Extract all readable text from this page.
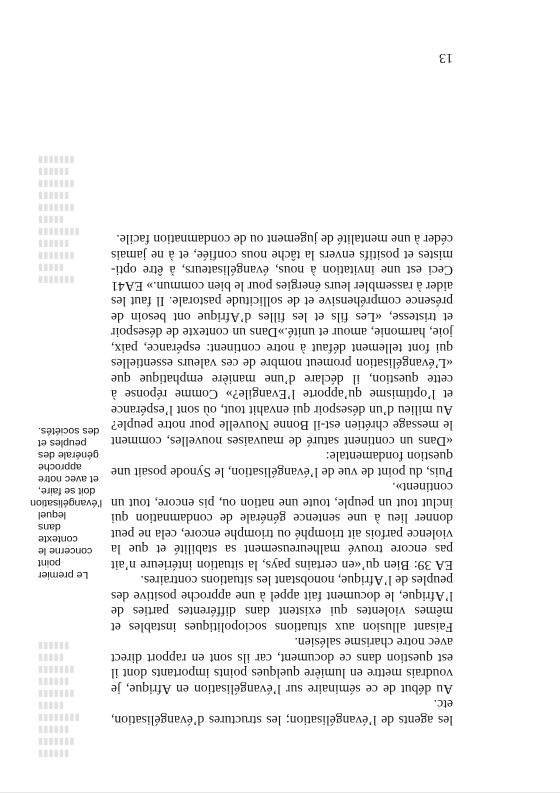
▮▮▮▮▮▮
▮▮▮▮▮▮▮
▮▮▮▮▮▮
▮▮▮▮▮▮▮▮
▮▮▮▮▮
▮▮▮▮▮▮▮
▮▮▮▮▮▮
▮▮▮▮▮▮▮
▮▮▮▮▮
▮▮▮▮▮▮

les agents de l’évangélisation; les structures d’évangélisation, etc.

Au début de ce séminaire sur l’évangélisation en Afrique, je voudrais mettre en lumière quelques points importants dont il est question dans ce document, car ils sont en rapport direct avec notre charisme salésien.

Faisant allusion aux situations sociopolitiques instables et mêmes violentes qui existent dans différentes parties de l’Afrique, le document fait appel à une approche positive des peuples de l’Afrique, nonobstant les situations contraires.

EA 39: Bien qu’«en certains pays, la situation intérieure n’ait pas encore trouvé malheureusement sa stabilité et que la violence parfois ait triomphé ou triomphe encore, cela ne peut donner lieu à une sentence générale de condamnation qui inclut tout un peuple, toute une nation ou, pis encore, tout un continent».

Puis, du point de vue de l’évangélisation, le Synode posait une question fondamentale:

«Dans un continent saturé de mauvaises nouvelles, comment le message chrétien est-il Bonne Nouvelle pour notre peuple? Au milieu d’un désespoir qui envahit tout, où sont l’espérance et l’optimisme qu’apporte l’Evangile?» Comme réponse à cette question, il déclare d’une manière emphatique que «L’évangélisation promeut nombre de ces valeurs essentielles qui font tellement défaut à notre continent: espérance, paix, joie, harmonie, amour et unité.»Dans un contexte de désespoir et tristesse, «Les fils et les filles d’Afrique ont besoin de présence compréhensive et de sollicitude pastorale. Il faut les aider à rassembler leurs énergies pour le bien commun.» EA41

Ceci est une invitation à nous, évangélisateurs, à être optimistes et positifs envers la tâche nous confiée, et à ne jamais céder à une mentalité de jugement ou de condamnation facile.

Le premier
point
concerne le
contexte dans
lequel
l’évangélisation
doit se faire,
et avec notre
approche
générale des
peuples et
des sociétés.
▮▮▮▮▮▮▮
▮▮▮▮▮
▮▮▮▮▮▮▮
▮▮▮▮▮▮
▮▮▮▮▮▮▮▮
▮▮▮▮▮
▮▮▮▮▮▮▮
▮▮▮▮▮▮
▮▮▮▮▮▮▮
▮▮▮▮▮▮
▮▮▮▮▮▮▮
13
